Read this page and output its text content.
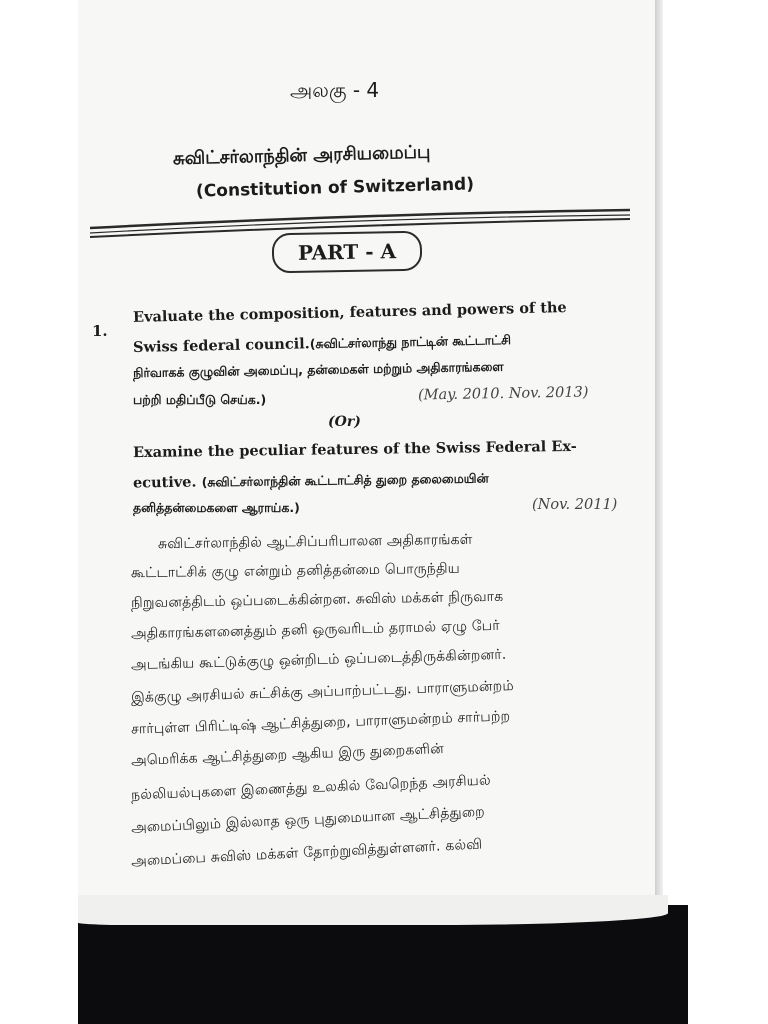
அலகு - 4
சுவிட்சர்லாந்தின் அரசியமைப்பு
(Constitution of Switzerland)
PART - A
1.
Evaluate the composition, features and powers of the
Swiss federal council.(சுவிட்சர்லாந்து நாட்டின் கூட்டாட்சி
நிர்வாகக் குழுவின் அமைப்பு, தன்மைகள் மற்றும் அதிகாரங்களை
பற்றி மதிப்பீடு செய்க.)	(May. 2010. Nov. 2013)
(Or)
Examine the peculiar features of the Swiss Federal Ex-
ecutive. (சுவிட்சர்லாந்தின் கூட்டாட்சித் துறை தலைமையின்
தனித்தன்மைகளை ஆராய்க.)	(Nov. 2011)
சுவிட்சர்லாந்தில் ஆட்சிப்பரிபாலன அதிகாரங்கள்
கூட்டாட்சிக் குழு என்றும் தனித்தன்மை பொருந்திய
நிறுவனத்திடம் ஒப்படைக்கின்றன. சுவிஸ் மக்கள் நிருவாக
அதிகாரங்களனைத்தும் தனி ஒருவரிடம் தராமல் ஏழு பேர்
அடங்கிய கூட்டுக்குழு ஒன்றிடம் ஒப்படைத்திருக்கின்றனர்.
இக்குழு அரசியல் சுட்சிக்கு அப்பாற்பட்டது. பாராளுமன்றம்
சார்புள்ள பிரிட்டிஷ் ஆட்சித்துறை, பாராளுமன்றம் சார்பற்ற
அமெரிக்க ஆட்சித்துறை ஆகிய இரு துறைகளின்
நல்லியல்புகளை இணைத்து உலகில் வேறெந்த அரசியல்
அமைப்பிலும் இல்லாத ஒரு புதுமையான ஆட்சித்துறை
அமைப்பை சுவிஸ் மக்கள் தோற்றுவித்துள்ளனர். கல்வி
